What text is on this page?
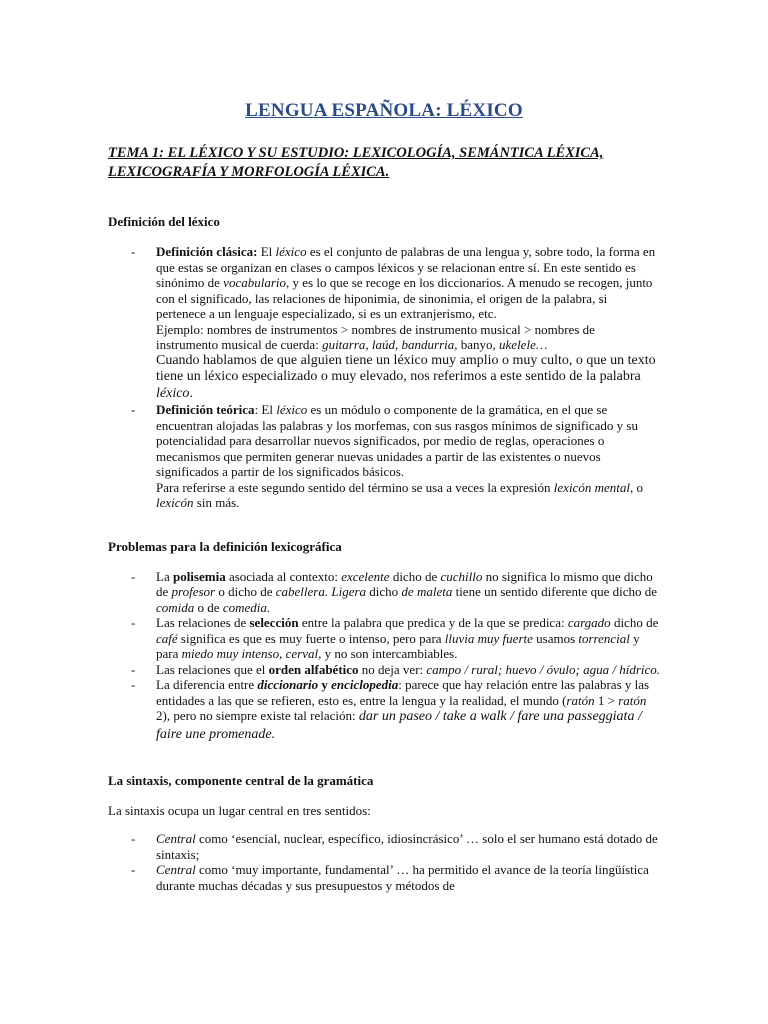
LENGUA ESPAÑOLA: LÉXICO
TEMA 1: EL LÉXICO Y SU ESTUDIO: LEXICOLOGÍA, SEMÁNTICA LÉXICA,
LEXICOGRAFÍA Y MORFOLOGÍA LÉXICA.
Definición del léxico
- Definición clásica: El léxico es el conjunto de palabras de una lengua y, sobre todo, la forma en que estas se organizan en clases o campos léxicos y se relacionan entre sí. En este sentido es sinónimo de vocabulario, y es lo que se recoge en los diccionarios. A menudo se recogen, junto con el significado, las relaciones de hiponimia, de sinonimia, el origen de la palabra, si pertenece a un lenguaje especializado, si es un extranjerismo, etc.
Ejemplo: nombres de instrumentos > nombres de instrumento musical > nombres de instrumento musical de cuerda: guitarra, laúd, bandurria, banyo, ukelele…
Cuando hablamos de que alguien tiene un léxico muy amplio o muy culto, o que un texto tiene un léxico especializado o muy elevado, nos referimos a este sentido de la palabra léxico.
- Definición teórica: El léxico es un módulo o componente de la gramática, en el que se encuentran alojadas las palabras y los morfemas, con sus rasgos mínimos de significado y su potencialidad para desarrollar nuevos significados, por medio de reglas, operaciones o mecanismos que permiten generar nuevas unidades a partir de las existentes o nuevos significados a partir de los significados básicos.
Para referirse a este segundo sentido del término se usa a veces la expresión lexicón mental, o lexicón sin más.
Problemas para la definición lexicográfica
- La polisemia asociada al contexto: excelente dicho de cuchillo no significa lo mismo que dicho de profesor o dicho de cabellera. Ligera dicho de maleta tiene un sentido diferente que dicho de comida o de comedia.
- Las relaciones de selección entre la palabra que predica y de la que se predica: cargado dicho de café significa es que es muy fuerte o intenso, pero para lluvia muy fuerte usamos torrencial y para miedo muy intenso, cerval, y no son intercambiables.
- Las relaciones que el orden alfabético no deja ver: campo / rural; huevo / óvulo; agua / hídrico.
- La diferencia entre diccionario y enciclopedia: parece que hay relación entre las palabras y las entidades a las que se refieren, esto es, entre la lengua y la realidad, el mundo (ratón 1 > ratón 2), pero no siempre existe tal relación: dar un paseo / take a walk / fare una passeggiata / faire une promenade.
La sintaxis, componente central de la gramática
La sintaxis ocupa un lugar central en tres sentidos:
- Central como ‘esencial, nuclear, específico, idiosincrásico’ … solo el ser humano está dotado de sintaxis;
- Central como ‘muy importante, fundamental’ … ha permitido el avance de la teoría lingüística durante muchas décadas y sus presupuestos y métodos de
